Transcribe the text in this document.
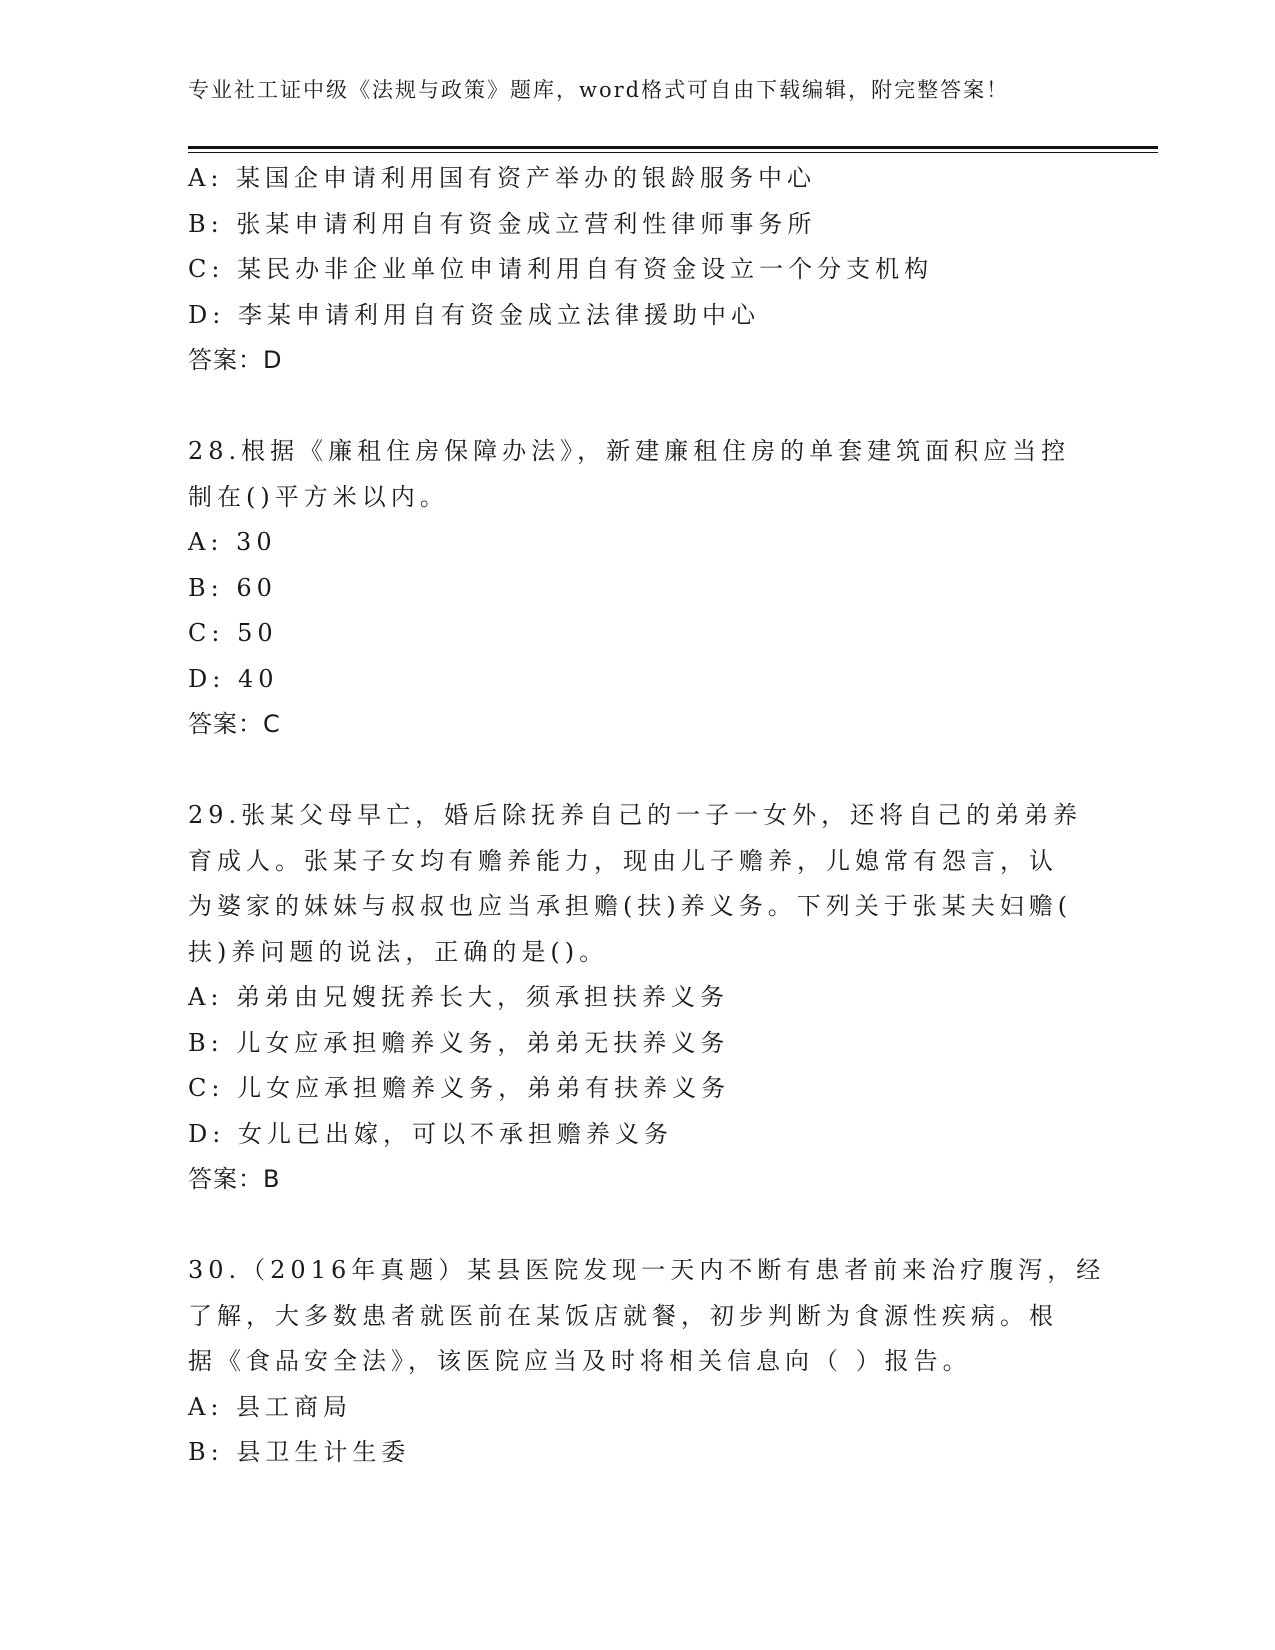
专业社工证中级《法规与政策》题库，word格式可自由下载编辑，附完整答案！
A: 某国企申请利用国有资产举办的银龄服务中心
B: 张某申请利用自有资金成立营利性律师事务所
C: 某民办非企业单位申请利用自有资金设立一个分支机构
D: 李某申请利用自有资金成立法律援助中心
答案：D
28.根据《廉租住房保障办法》，新建廉租住房的单套建筑面积应当控
制在()平方米以内。
A: 30
B: 60
C: 50
D: 40
答案：C
29.张某父母早亡，婚后除抚养自己的一子一女外，还将自己的弟弟养
育成人。张某子女均有赡养能力，现由儿子赡养，儿媳常有怨言，认
为婆家的妹妹与叔叔也应当承担赡(扶)养义务。下列关于张某夫妇赡(
扶)养问题的说法，正确的是()。
A: 弟弟由兄嫂抚养长大，须承担扶养义务
B: 儿女应承担赡养义务，弟弟无扶养义务
C: 儿女应承担赡养义务，弟弟有扶养义务
D: 女儿已出嫁，可以不承担赡养义务
答案：B
30.（2016年真题）某县医院发现一天内不断有患者前来治疗腹泻，经
了解，大多数患者就医前在某饭店就餐，初步判断为食源性疾病。根
据《食品安全法》，该医院应当及时将相关信息向（ ）报告。
A: 县工商局
B: 县卫生计生委
